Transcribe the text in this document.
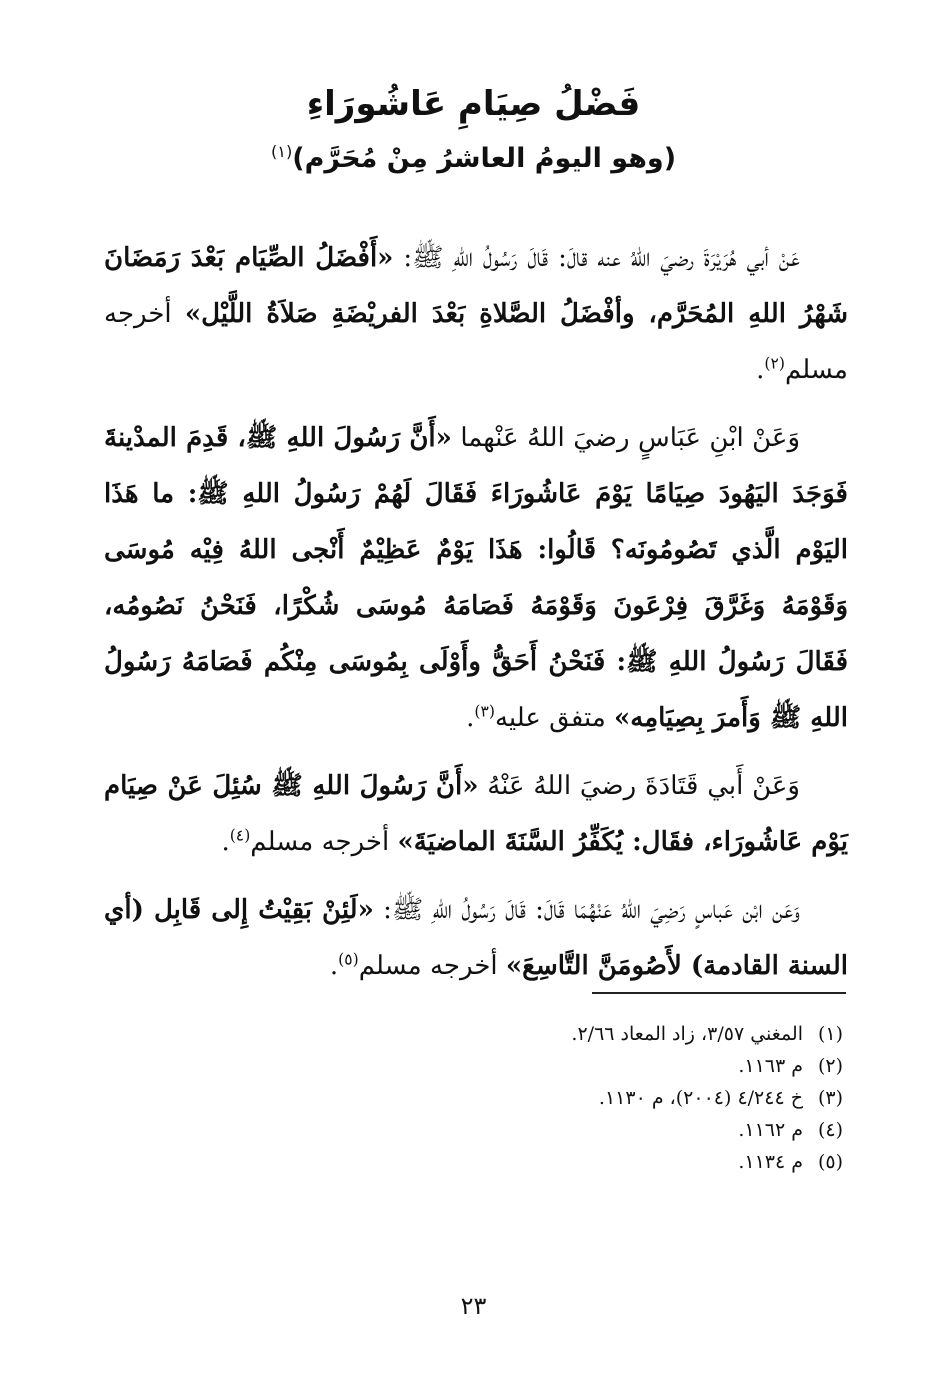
فَضْلُ صِيَامِ عَاشُورَاءِ
(وهو اليومُ العاشرُ مِنْ مُحَرَّم)$^{(١)}$

عَنْ أبي هُرَيْرَةَ رضيَ اللهُ عنه قالَ: قَالَ رَسُولُ اللهِ ﷺ: «أَفْضَلُ الصِّيَام بَعْدَ رَمَضَانَ شَهْرُ اللهِ المُحَرَّم، وأفْضَلُ الصَّلاةِ بَعْدَ الفريْضَةِ صَلاَةُ اللَّيْل» أخرجه مسلم$^{(٢)}$.

وَعَنْ ابْنِ عَبَاسٍ رضيَ اللهُ عَنْهما «أَنَّ رَسُولَ اللهِ ﷺ، قَدِمَ المدْينةَ فَوَجَدَ اليَهُودَ صِيَامًا يَوْمَ عَاشُورَاءَ فَقَالَ لَهُمْ رَسُولُ اللهِ ﷺ: ما هَذَا اليَوْم الَّذي تَصُومُونَه؟ قَالُوا: هَذَا يَوْمٌ عَظِيْمٌ أَنْجى اللهُ فِيْه مُوسَى وَقَوْمَهُ وَغَرَّقَ فِرْعَونَ وَقَوْمَهُ فَصَامَهُ مُوسَى شُكْرًا، فَنَحْنُ نَصُومُه، فَقَالَ رَسُولُ اللهِ ﷺ: فَنَحْنُ أَحَقُّ وأَوْلَى بِمُوسَى مِنْكُم فَصَامَهُ رَسُولُ اللهِ ﷺ وَأَمرَ بِصِيَامِه» متفق عليه$^{(٣)}$.

وَعَنْ أَبي قَتَادَةَ رضيَ اللهُ عَنْهُ «أَنَّ رَسُولَ اللهِ ﷺ سُئِلَ عَنْ صِيَام يَوْم عَاشُورَاء، فقَال: يُكَفِّرُ السَّنَةَ الماضيَةَ» أخرجه مسلم$^{(٤)}$.

وَعَن ابْن عَباسٍ رَضِيَ اللهُ عَنْهُمَا قَالَ: قَالَ رَسُولُ اللهِ ﷺ: «لَئِنْ بَقِيْتُ إِلى قَابِل (أي السنة القادمة) لأَصُومَنَّ التَّاسِعَ» أخرجه مسلم$^{(٥)}$.

(١)المغني ٣/٥٧، زاد المعاد ٢/٦٦.
(٢)م ١١٦٣.
(٣)خ ٤/٢٤٤ (٢٠٠٤)، م ١١٣٠.
(٤)م ١١٦٢.
(٥)م ١١٣٤.

٢٣
